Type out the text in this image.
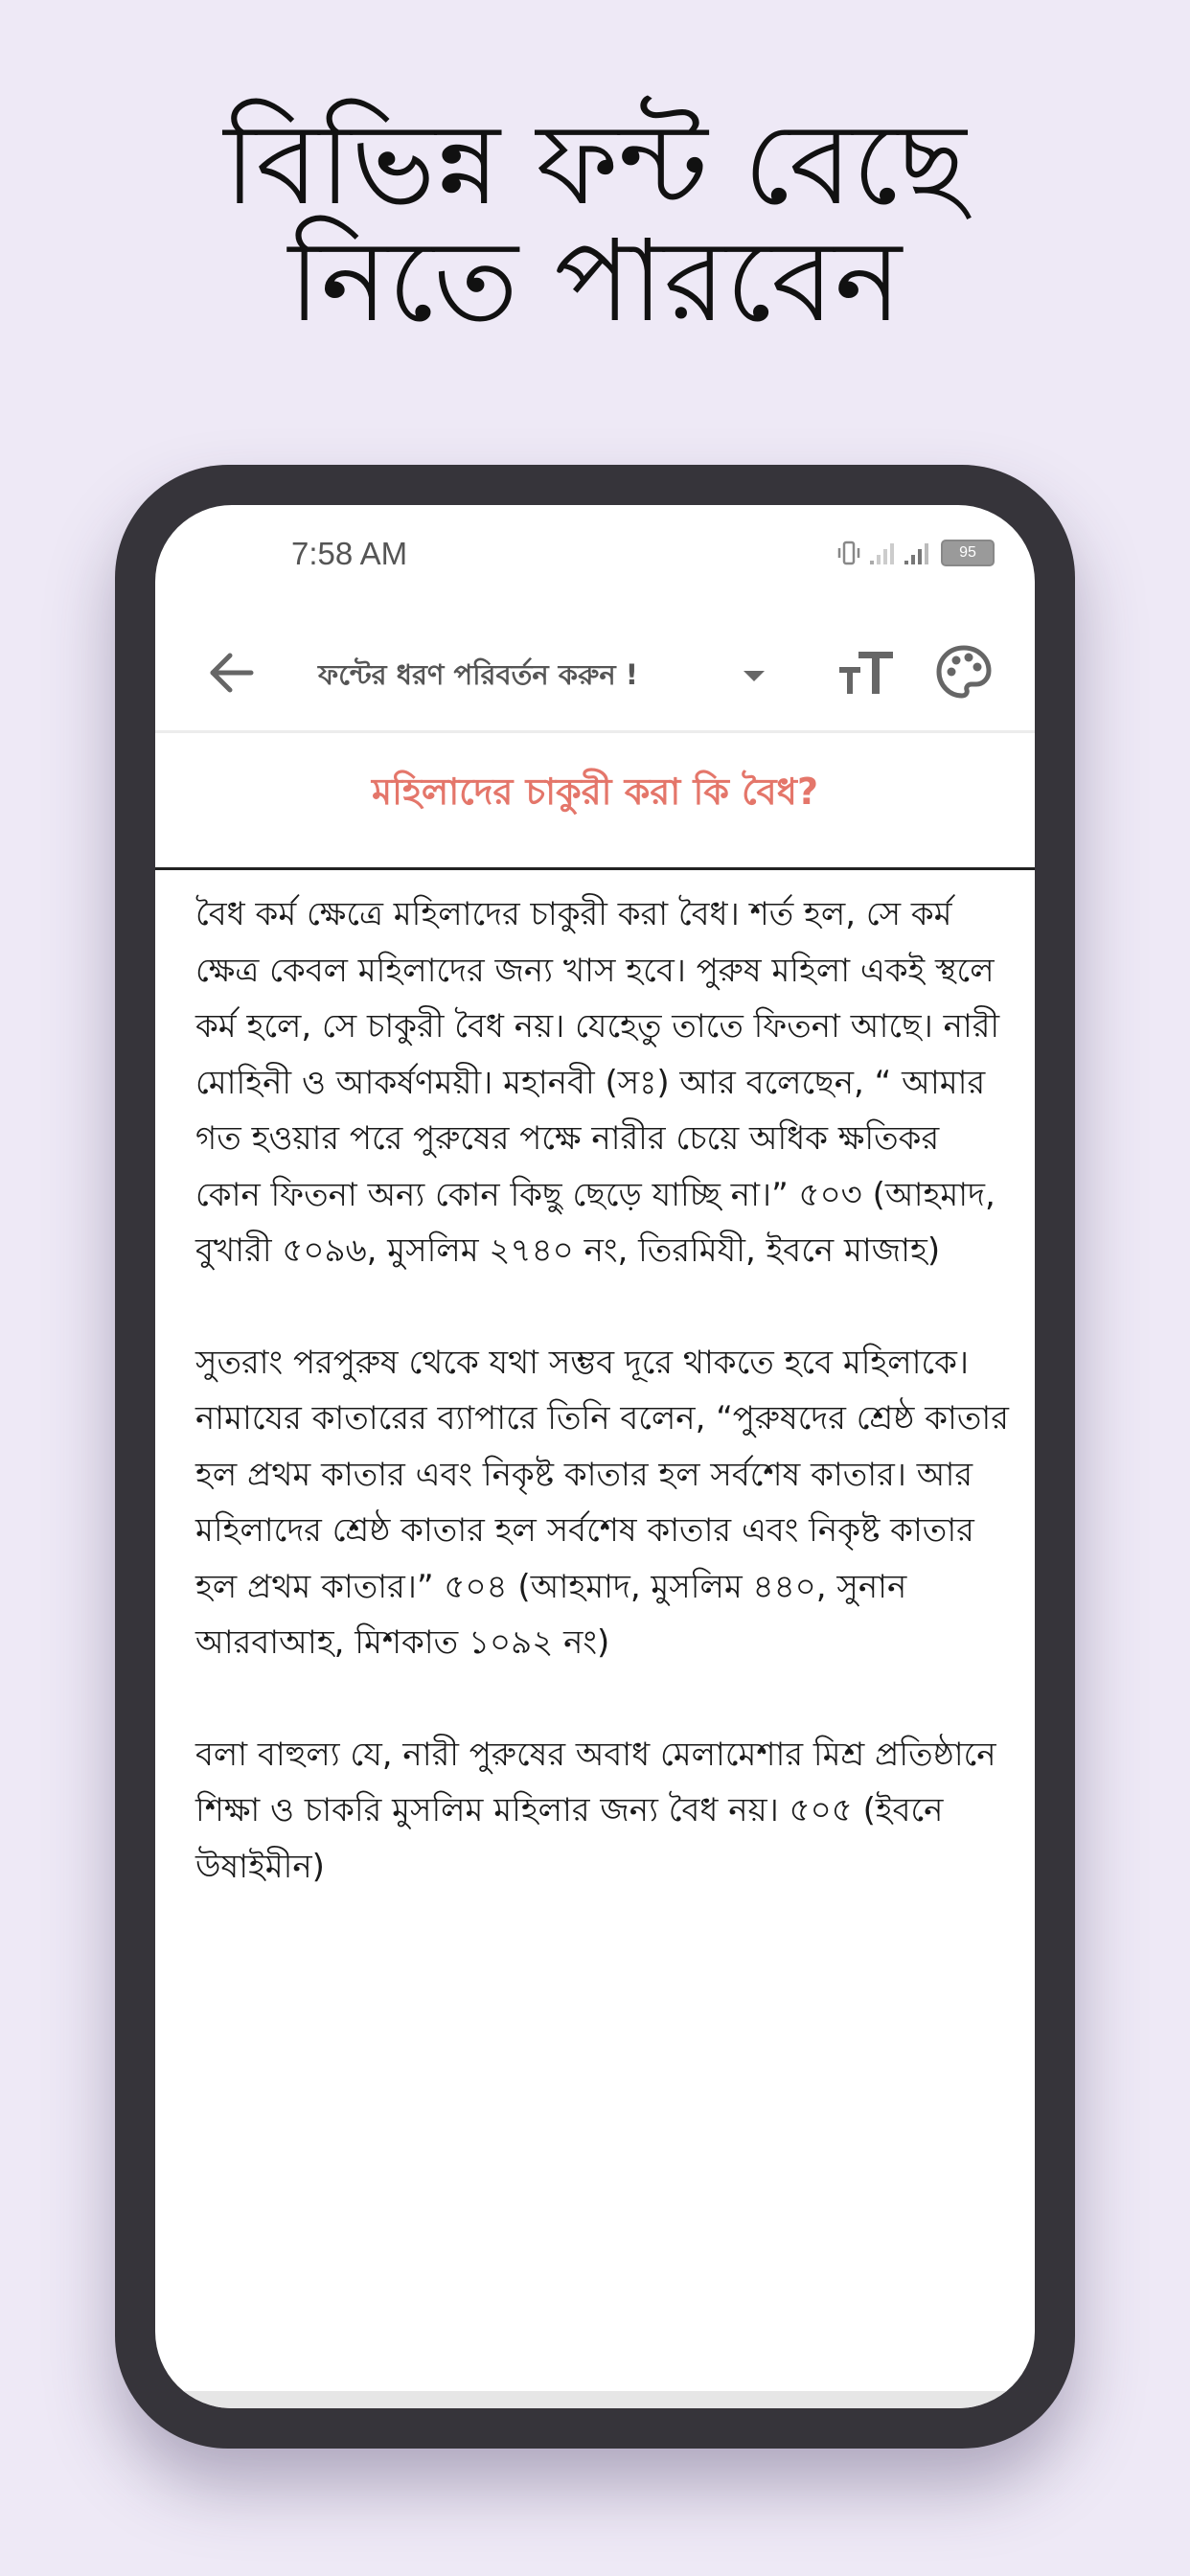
বিভিন্ন ফন্ট বেছে
নিতে পারবেন
7:58 AM	95
ফন্টের ধরণ পরিবর্তন করুন !
মহিলাদের চাকুরী করা কি বৈধ?

বৈধ কর্ম ক্ষেত্রে মহিলাদের চাকুরী করা বৈধ। শর্ত হল, সে কর্ম ক্ষেত্র কেবল মহিলাদের জন্য খাস হবে। পুরুষ মহিলা একই স্থলে কর্ম হলে, সে চাকুরী বৈধ নয়। যেহেতু তাতে ফিতনা আছে। নারী মোহিনী ও আকর্ষণময়ী। মহানবী (সঃ) আর বলেছেন, “ আমার গত হওয়ার পরে পুরুষের পক্ষে নারীর চেয়ে অধিক ক্ষতিকর কোন ফিতনা অন্য কোন কিছু ছেড়ে যাচ্ছি না।” ৫০৩ (আহমাদ, বুখারী ৫০৯৬, মুসলিম ২৭৪০ নং, তিরমিযী, ইবনে মাজাহ)

সুতরাং পরপুরুষ থেকে যথা সম্ভব দূরে থাকতে হবে মহিলাকে। নামাযের কাতারের ব্যাপারে তিনি বলেন, “পুরুষদের শ্রেষ্ঠ কাতার হল প্রথম কাতার এবং নিকৃষ্ট কাতার হল সর্বশেষ কাতার। আর মহিলাদের শ্রেষ্ঠ কাতার হল সর্বশেষ কাতার এবং নিকৃষ্ট কাতার হল প্রথম কাতার।” ৫০৪ (আহমাদ, মুসলিম ৪৪০, সুনান আরবাআহ, মিশকাত ১০৯২ নং)

বলা বাহুল্য যে, নারী পুরুষের অবাধ মেলামেশার মিশ্র প্রতিষ্ঠানে শিক্ষা ও চাকরি মুসলিম মহিলার জন্য বৈধ নয়। ৫০৫ (ইবনে উষাইমীন)
